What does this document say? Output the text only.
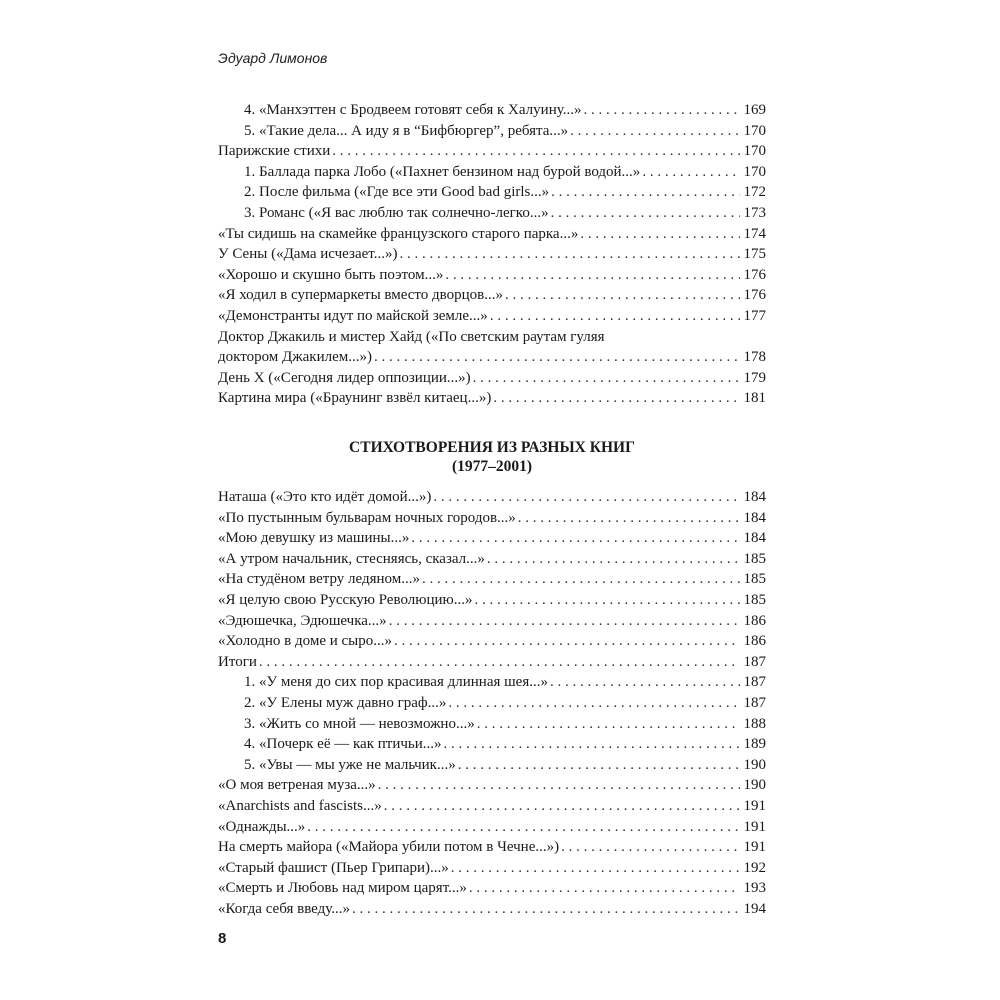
Эдуард Лимонов
4. «Манхэттен с Бродвеем готовят себя к Халуину...» . . .	169
5. «Такие дела... А иду я в “Бифбюргер”, ребята...» . . .	170
Парижские стихи . . .	170
1. Баллада парка Лобо («Пахнет бензином над бурой водой...» . . .	170
2. После фильма («Где все эти Good bad girls...» . . .	172
3. Романс («Я вас люблю так солнечно-легко...» . . .	173
«Ты сидишь на скамейке французского старого парка...» . . .	174
У Сены («Дама исчезает...») . . .	175
«Хорошо и скушно быть поэтом...» . . .	176
«Я ходил в супермаркеты вместо дворцов...» . . .	176
«Демонстранты идут по майской земле...» . . .	177
Доктор Джакиль и мистер Хайд («По светским раутам гуляя
доктором Джакилем...») . . .	178
День X («Сегодня лидер оппозиции...») . . .	179
Картина мира («Браунинг взвёл китаец...») . . .	181
СТИХОТВОРЕНИЯ ИЗ РАЗНЫХ КНИГ
(1977–2001)
Наташа («Это кто идёт домой...») . . .	184
«По пустынным бульварам ночных городов...» . . .	184
«Мою девушку из машины...» . . .	184
«А утром начальник, стесняясь, сказал...» . . .	185
«На студёном ветру ледяном...» . . .	185
«Я целую свою Русскую Революцию...» . . .	185
«Эдюшечка, Эдюшечка...» . . .	186
«Холодно в доме и сыро...» . . .	186
Итоги . . .	187
1. «У меня до сих пор красивая длинная шея...» . . .	187
2. «У Елены муж давно граф...» . . .	187
3. «Жить со мной — невозможно...» . . .	188
4. «Почерк её — как птичьи...» . . .	189
5. «Увы — мы уже не мальчик...» . . .	190
«О моя ветреная муза...» . . .	190
«Anarchists and fascists...» . . .	191
«Однажды...» . . .	191
На смерть майора («Майора убили потом в Чечне...») . . .	191
«Старый фашист (Пьер Грипари)...» . . .	192
«Смерть и Любовь над миром царят...» . . .	193
«Когда себя введу...» . . .	194
8
